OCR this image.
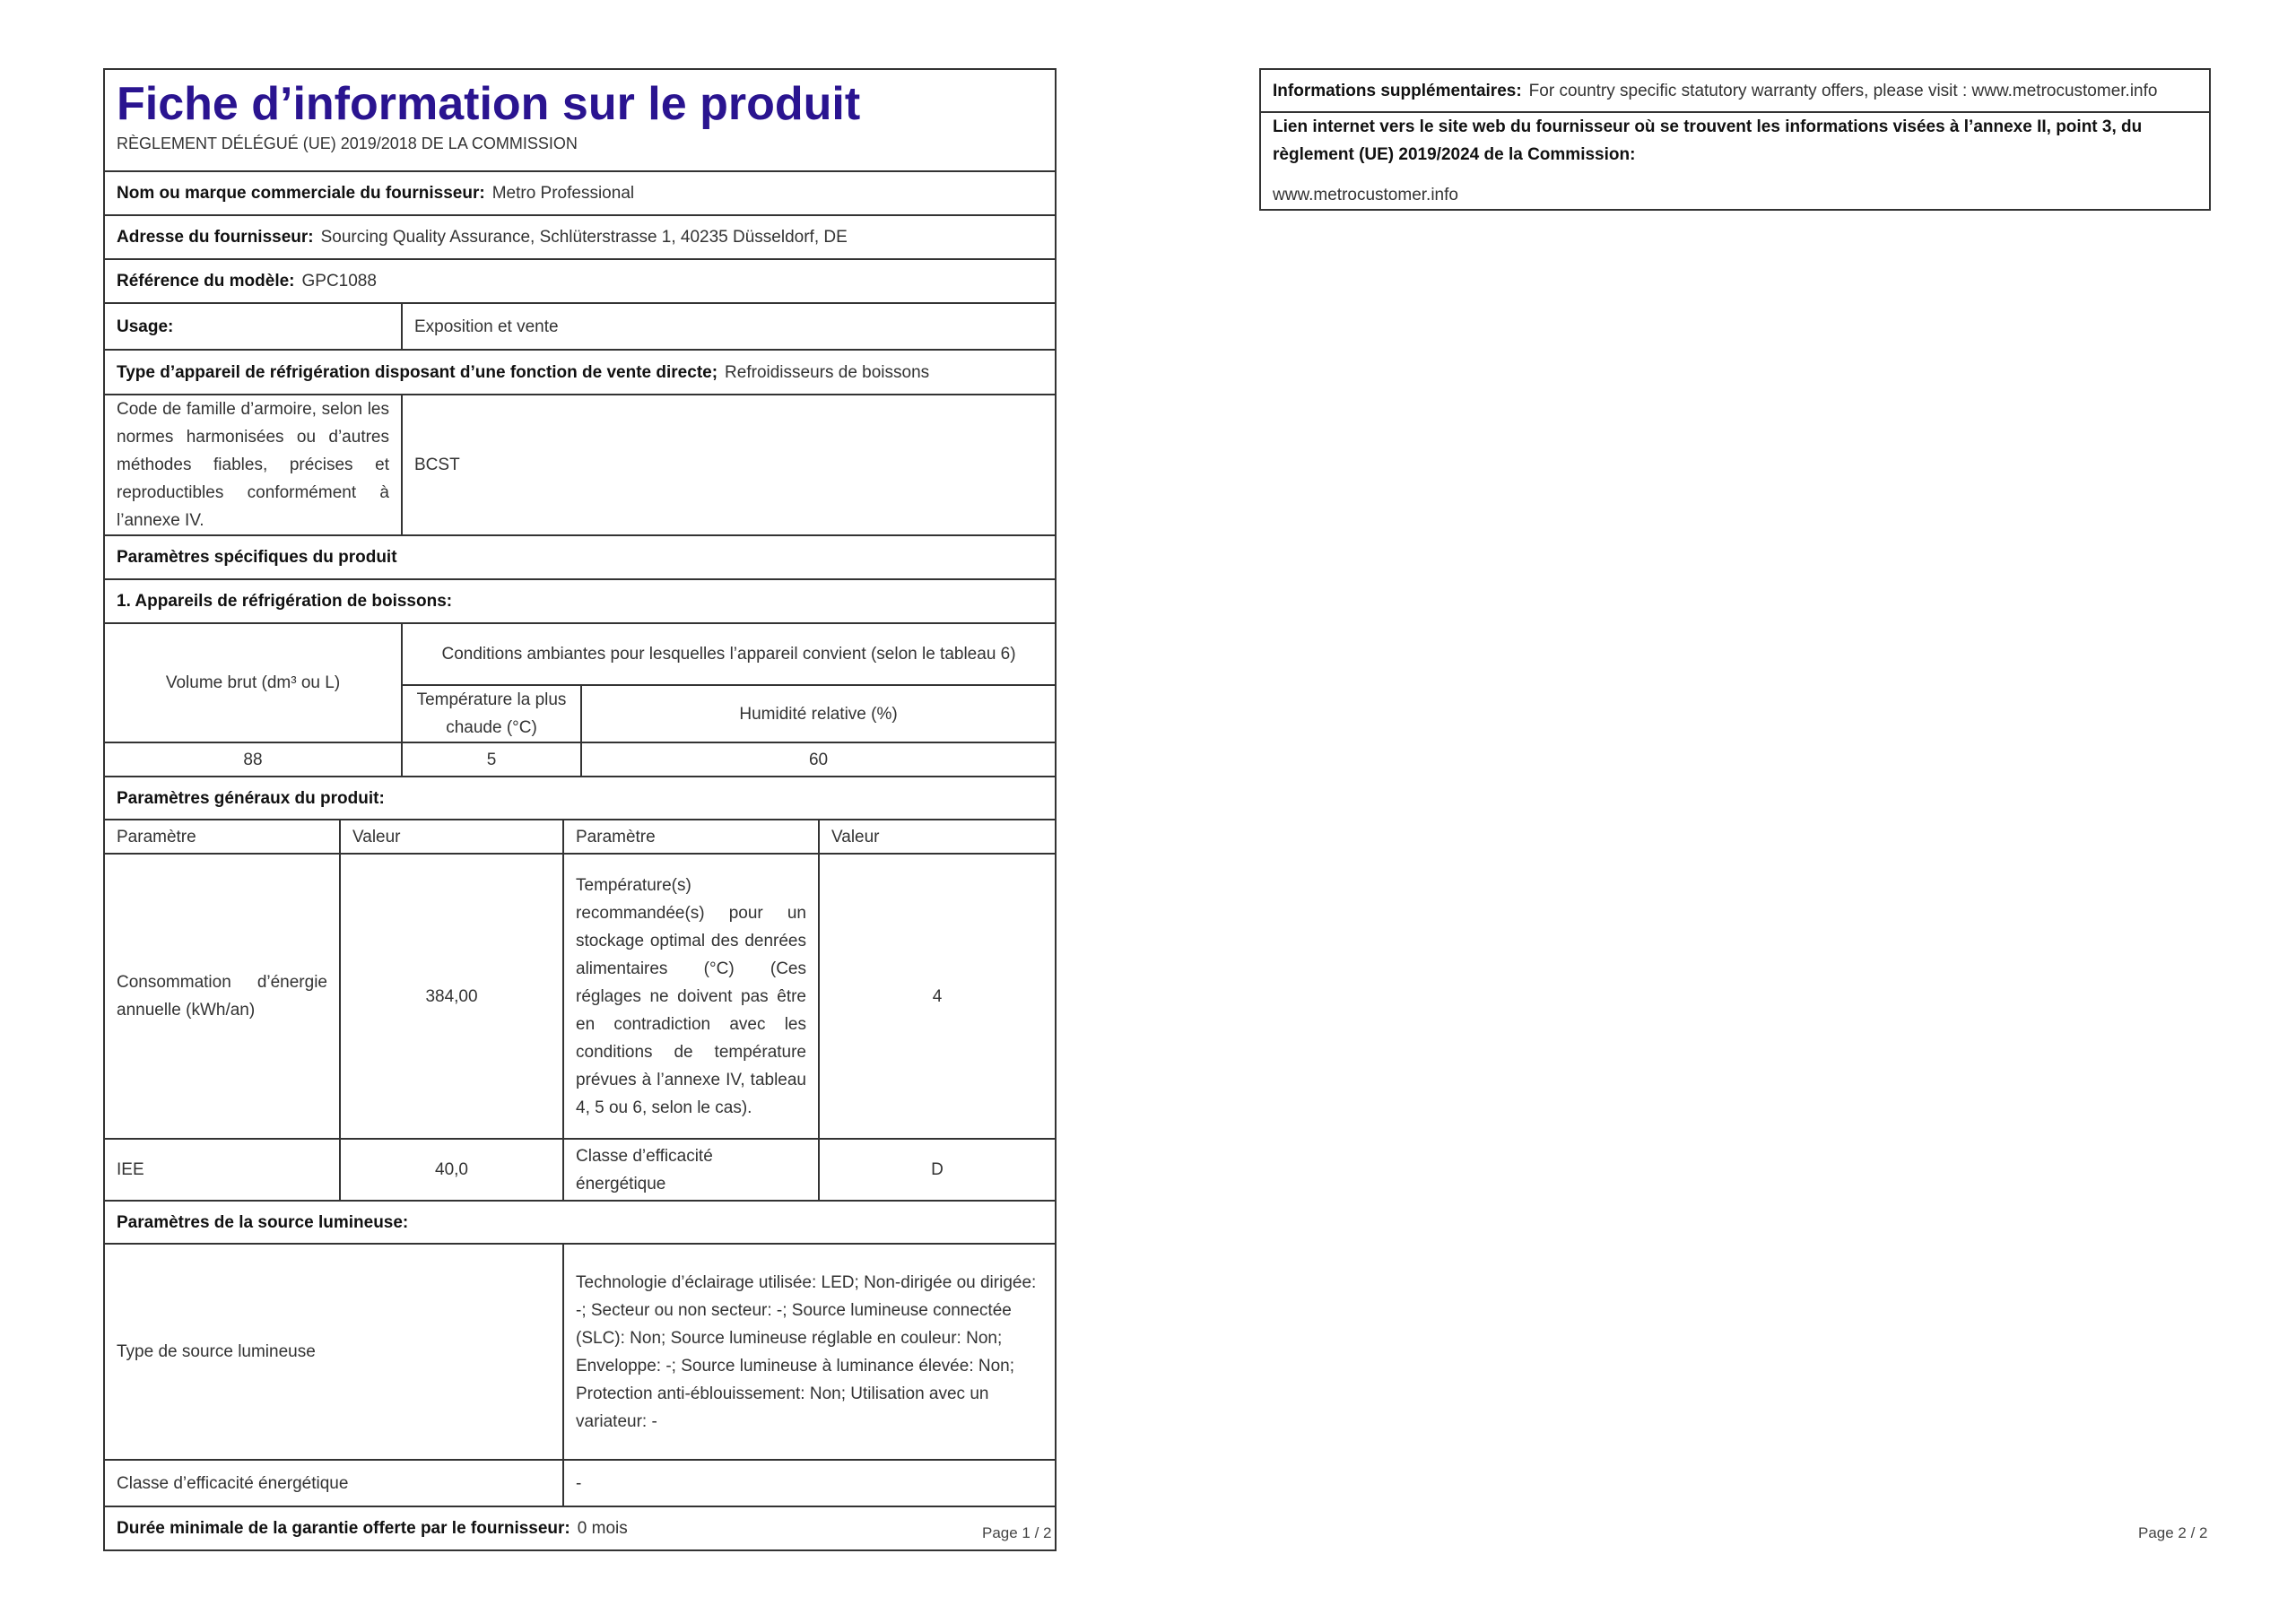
Fiche d’information sur le produit
RÈGLEMENT DÉLÉGUÉ (UE) 2019/2018 DE LA COMMISSION					

Nom ou marque commerciale du fournisseur: Metro Professional					
Adresse du fournisseur: Sourcing Quality Assurance, Schlüterstrasse 1, 40235 Düsseldorf, DE					
Référence du modèle: GPC1088					
Usage:		Exposition et vente			
Type d’appareil de réfrigération disposant d’une fonction de vente directe; Refroidisseurs de boissons					
Code de famille d’armoire, selon les normes harmonisées ou d’autres méthodes fiables, précises et reproductibles conformément à l’annexe IV.		BCST			
Paramètres spécifiques du produit					
1. Appareils de réfrigération de boissons:					
Volume brut (dm³ ou L)		Conditions ambiantes pour lesquelles l’appareil convient (selon le tableau 6)			
		Température la plus chaude (°C)		Humidité relative (%)	
88		5		60	
Paramètres généraux du produit:					
Paramètre	Valeur		Paramètre		Valeur
Consommation d’énergie annuelle (kWh/an)	384,00		Température(s) recommandée(s) pour un stockage optimal des denrées alimentaires (°C) (Ces réglages ne doivent pas être en contradiction avec les conditions de température prévues à l’annexe IV, tableau 4, 5 ou 6, selon le cas).		4
IEE	40,0		Classe d’efficacité énergétique		D
Paramètres de la source lumineuse:					
Type de source lumineuse			Technologie d’éclairage utilisée: LED; Non-dirigée ou dirigée: -; Secteur ou non secteur: -; Source lumineuse connectée (SLC): Non; Source lumineuse réglable en couleur: Non; Enveloppe: -; Source lumineuse à luminance élevée: Non; Protection anti-éblouissement: Non; Utilisation avec un variateur: -		
Classe d’efficacité énergétique			-		
Durée minimale de la garantie offerte par le fournisseur: 0 mois						Page 1 / 2
Informations supplémentaires: For country specific statutory warranty offers, please visit : www.metrocustomer.info

Lien internet vers le site web du fournisseur où se trouvent les informations visées à l’annexe II, point 3, du règlement (UE) 2019/2024 de la Commission:
www.metrocustomer.info
Page 2 / 2
